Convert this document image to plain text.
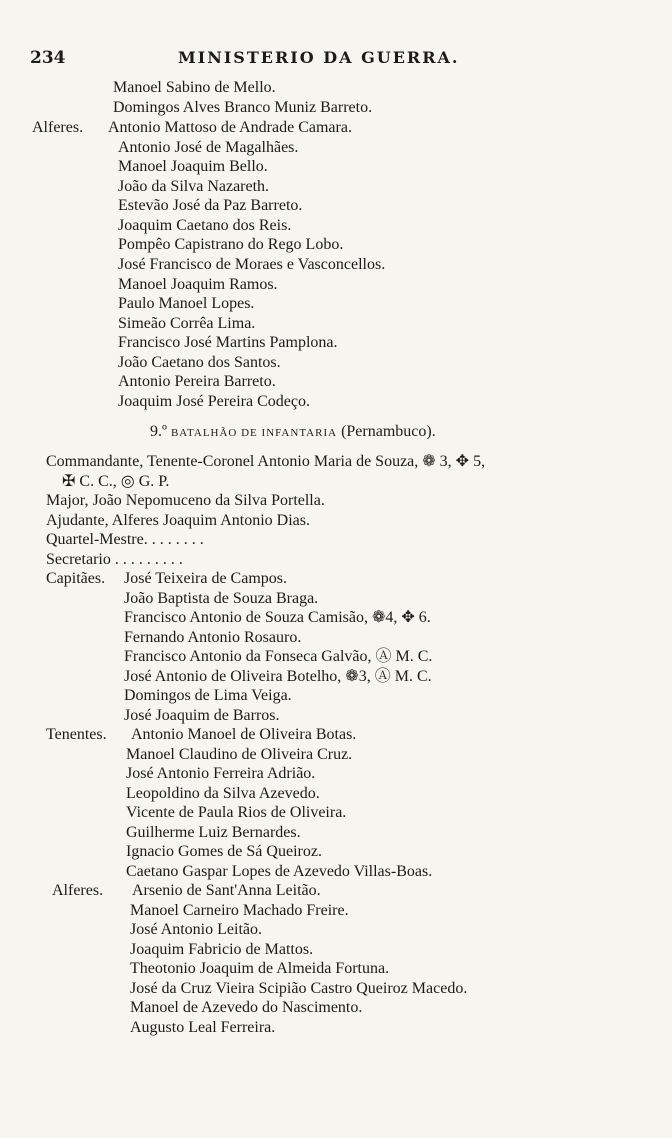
234	MINISTERIO DA GUERRA.
Manoel Sabino de Mello.
Domingos Alves Branco Muniz Barreto.
Alferes. Antonio Mattoso de Andrade Camara.
Antonio José de Magalhães.
Manoel Joaquim Bello.
João da Silva Nazareth.
Estevão José da Paz Barreto.
Joaquim Caetano dos Reis.
Pompêo Capistrano do Rego Lobo.
José Francisco de Moraes e Vasconcellos.
Manoel Joaquim Ramos.
Paulo Manoel Lopes.
Simeão Corrêa Lima.
Francisco José Martins Pamplona.
João Caetano dos Santos.
Antonio Pereira Barreto.
Joaquim José Pereira Codeço.
9.º BATALHÃO DE INFANTARIA (Pernambuco).
Commandante, Tenente-Coronel Antonio Maria de Souza, ❁ 3, ✥ 5,
✠ C. C., ◎ G. P.
Major, João Nepomuceno da Silva Portella.
Ajudante, Alferes Joaquim Antonio Dias.
Quartel-Mestre. . . . . . . .
Secretario . . . . . . . . .
Capitães. José Teixeira de Campos.
João Baptista de Souza Braga.
Francisco Antonio de Souza Camisão, ❁4, ✥ 6.
Fernando Antonio Rosauro.
Francisco Antonio da Fonseca Galvão, Ⓐ M. C.
José Antonio de Oliveira Botelho, ❁3, Ⓐ M. C.
Domingos de Lima Veiga.
José Joaquim de Barros.
Tenentes. Antonio Manoel de Oliveira Botas.
Manoel Claudino de Oliveira Cruz.
José Antonio Ferreira Adrião.
Leopoldino da Silva Azevedo.
Vicente de Paula Rios de Oliveira.
Guilherme Luiz Bernardes.
Ignacio Gomes de Sá Queiroz.
Caetano Gaspar Lopes de Azevedo Villas-Boas.
Alferes. Arsenio de Sant'Anna Leitão.
Manoel Carneiro Machado Freire.
José Antonio Leitão.
Joaquim Fabricio de Mattos.
Theotonio Joaquim de Almeida Fortuna.
José da Cruz Vieira Scipião Castro Queiroz Macedo.
Manoel de Azevedo do Nascimento.
Augusto Leal Ferreira.
